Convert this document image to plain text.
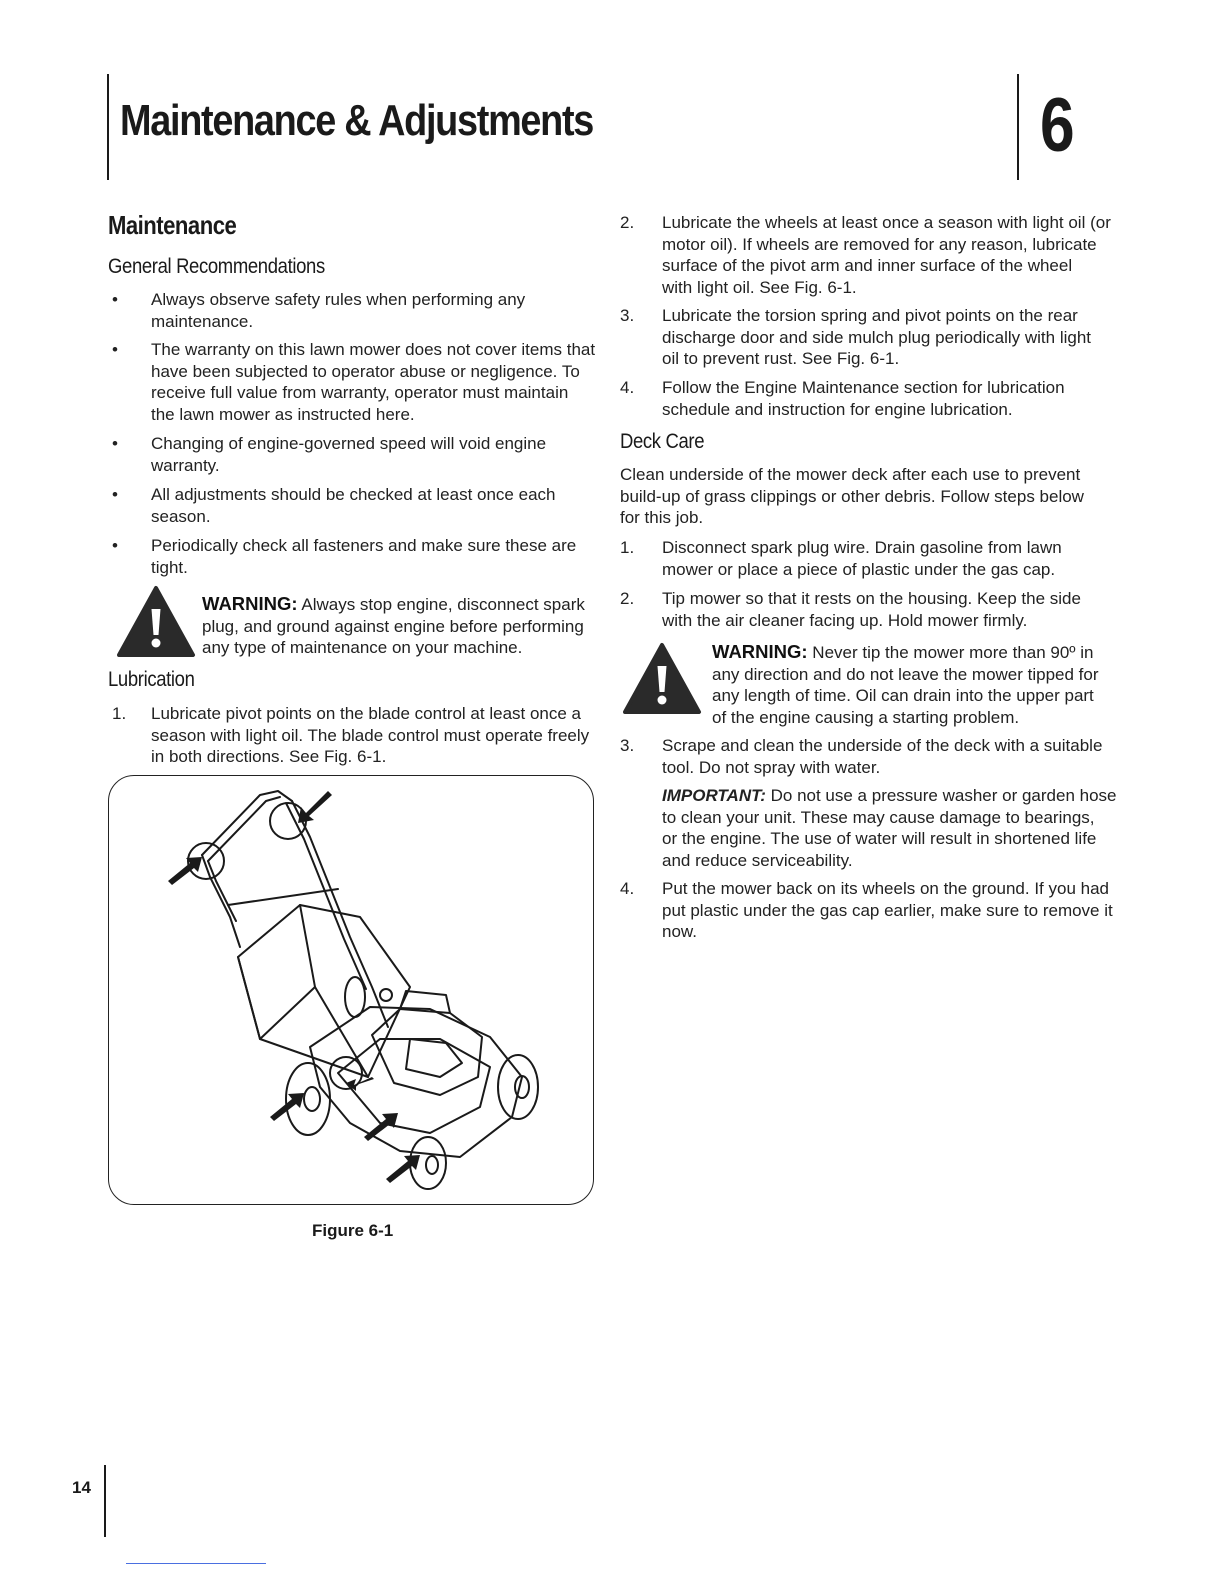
Maintenance & Adjustments	6
Maintenance
General Recommendations
• Always observe safety rules when performing any
maintenance.
• The warranty on this lawn mower does not cover items that
have been subjected to operator abuse or negligence. To
receive full value from warranty, operator must maintain
the lawn mower as instructed here.
• Changing of engine-governed speed will void engine
warranty.
• All adjustments should be checked at least once each
season.
• Periodically check all fasteners and make sure these are
tight.
WARNING: Always stop engine, disconnect spark
plug, and ground against engine before performing
any type of maintenance on your machine.
Lubrication
1. Lubricate pivot points on the blade control at least once a
season with light oil. The blade control must operate freely
in both directions. See Fig. 6-1.
Figure 6-1
2. Lubricate the wheels at least once a season with light oil (or
motor oil). If wheels are removed for any reason, lubricate
surface of the pivot arm and inner surface of the wheel
with light oil. See Fig. 6-1.
3. Lubricate the torsion spring and pivot points on the rear
discharge door and side mulch plug periodically with light
oil to prevent rust. See Fig. 6-1.
4. Follow the Engine Maintenance section for lubrication
schedule and instruction for engine lubrication.
Deck Care
Clean underside of the mower deck after each use to prevent
build-up of grass clippings or other debris. Follow steps below
for this job.
1. Disconnect spark plug wire. Drain gasoline from lawn
mower or place a piece of plastic under the gas cap.
2. Tip mower so that it rests on the housing. Keep the side
with the air cleaner facing up. Hold mower firmly.
WARNING: Never tip the mower more than 90º in
any direction and do not leave the mower tipped for
any length of time. Oil can drain into the upper part
of the engine causing a starting problem.
3. Scrape and clean the underside of the deck with a suitable
tool. Do not spray with water.
IMPORTANT: Do not use a pressure washer or garden hose
to clean your unit. These may cause damage to bearings,
or the engine. The use of water will result in shortened life
and reduce serviceability.
4. Put the mower back on its wheels on the ground. If you had
put plastic under the gas cap earlier, make sure to remove it
now.
14
